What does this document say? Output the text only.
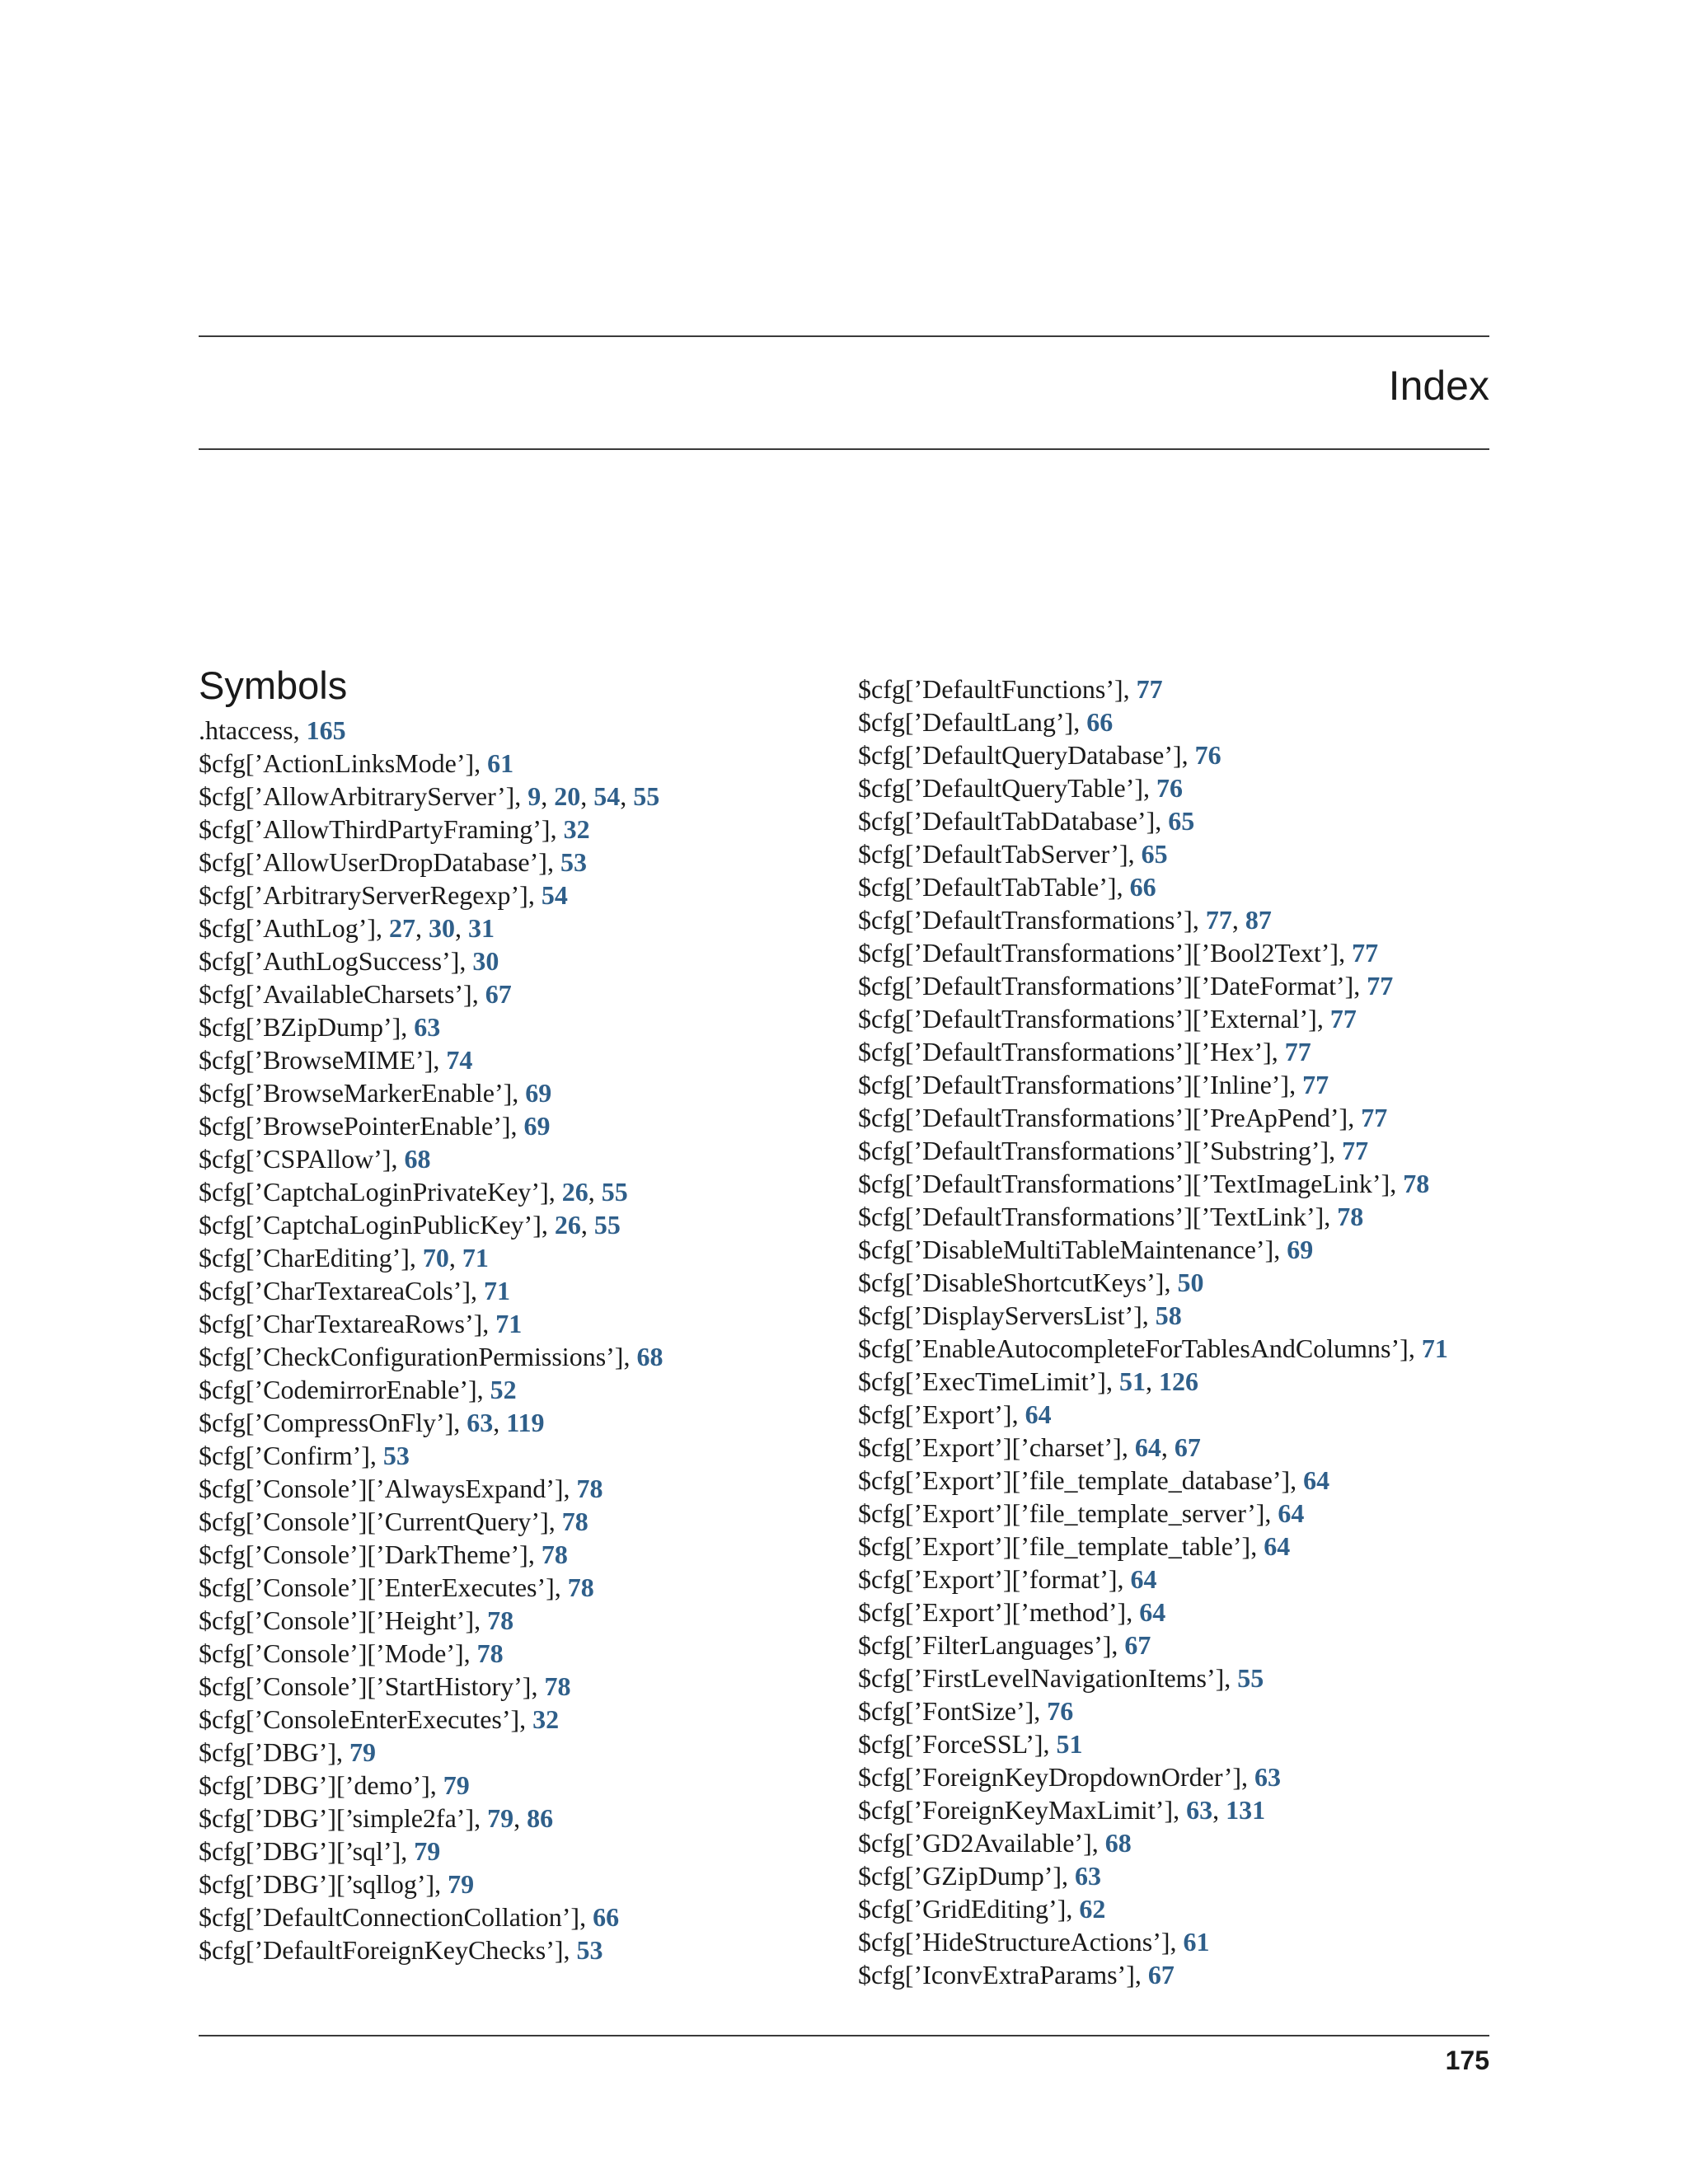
Index
Symbols
.htaccess, 165
$cfg[’ActionLinksMode’], 61
$cfg[’AllowArbitraryServer’], 9, 20, 54, 55
$cfg[’AllowThirdPartyFraming’], 32
$cfg[’AllowUserDropDatabase’], 53
$cfg[’ArbitraryServerRegexp’], 54
$cfg[’AuthLog’], 27, 30, 31
$cfg[’AuthLogSuccess’], 30
$cfg[’AvailableCharsets’], 67
$cfg[’BZipDump’], 63
$cfg[’BrowseMIME’], 74
$cfg[’BrowseMarkerEnable’], 69
$cfg[’BrowsePointerEnable’], 69
$cfg[’CSPAllow’], 68
$cfg[’CaptchaLoginPrivateKey’], 26, 55
$cfg[’CaptchaLoginPublicKey’], 26, 55
$cfg[’CharEditing’], 70, 71
$cfg[’CharTextareaCols’], 71
$cfg[’CharTextareaRows’], 71
$cfg[’CheckConfigurationPermissions’], 68
$cfg[’CodemirrorEnable’], 52
$cfg[’CompressOnFly’], 63, 119
$cfg[’Confirm’], 53
$cfg[’Console’][’AlwaysExpand’], 78
$cfg[’Console’][’CurrentQuery’], 78
$cfg[’Console’][’DarkTheme’], 78
$cfg[’Console’][’EnterExecutes’], 78
$cfg[’Console’][’Height’], 78
$cfg[’Console’][’Mode’], 78
$cfg[’Console’][’StartHistory’], 78
$cfg[’ConsoleEnterExecutes’], 32
$cfg[’DBG’], 79
$cfg[’DBG’][’demo’], 79
$cfg[’DBG’][’simple2fa’], 79, 86
$cfg[’DBG’][’sql’], 79
$cfg[’DBG’][’sqllog’], 79
$cfg[’DefaultConnectionCollation’], 66
$cfg[’DefaultForeignKeyChecks’], 53
$cfg[’DefaultFunctions’], 77
$cfg[’DefaultLang’], 66
$cfg[’DefaultQueryDatabase’], 76
$cfg[’DefaultQueryTable’], 76
$cfg[’DefaultTabDatabase’], 65
$cfg[’DefaultTabServer’], 65
$cfg[’DefaultTabTable’], 66
$cfg[’DefaultTransformations’], 77, 87
$cfg[’DefaultTransformations’][’Bool2Text’], 77
$cfg[’DefaultTransformations’][’DateFormat’], 77
$cfg[’DefaultTransformations’][’External’], 77
$cfg[’DefaultTransformations’][’Hex’], 77
$cfg[’DefaultTransformations’][’Inline’], 77
$cfg[’DefaultTransformations’][’PreApPend’], 77
$cfg[’DefaultTransformations’][’Substring’], 77
$cfg[’DefaultTransformations’][’TextImageLink’], 78
$cfg[’DefaultTransformations’][’TextLink’], 78
$cfg[’DisableMultiTableMaintenance’], 69
$cfg[’DisableShortcutKeys’], 50
$cfg[’DisplayServersList’], 58
$cfg[’EnableAutocompleteForTablesAndColumns’], 71
$cfg[’ExecTimeLimit’], 51, 126
$cfg[’Export’], 64
$cfg[’Export’][’charset’], 64, 67
$cfg[’Export’][’file_template_database’], 64
$cfg[’Export’][’file_template_server’], 64
$cfg[’Export’][’file_template_table’], 64
$cfg[’Export’][’format’], 64
$cfg[’Export’][’method’], 64
$cfg[’FilterLanguages’], 67
$cfg[’FirstLevelNavigationItems’], 55
$cfg[’FontSize’], 76
$cfg[’ForceSSL’], 51
$cfg[’ForeignKeyDropdownOrder’], 63
$cfg[’ForeignKeyMaxLimit’], 63, 131
$cfg[’GD2Available’], 68
$cfg[’GZipDump’], 63
$cfg[’GridEditing’], 62
$cfg[’HideStructureActions’], 61
$cfg[’IconvExtraParams’], 67
175
